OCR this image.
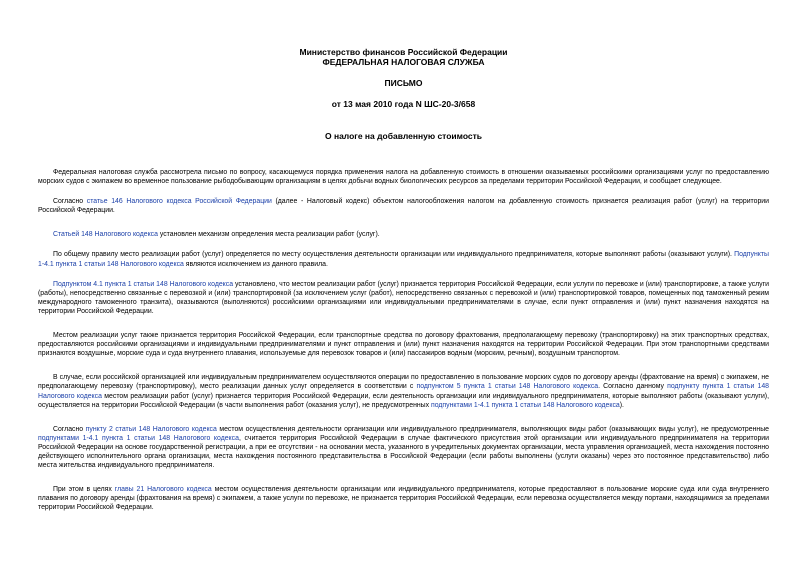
Министерство финансов Российской Федерации
ФЕДЕРАЛЬНАЯ НАЛОГОВАЯ СЛУЖБА
ПИСЬМО
от 13 мая 2010 года N ШС-20-3/658
О налоге на добавленную стоимость

Федеральная налоговая служба рассмотрела письмо по вопросу, касающемуся порядка применения налога на добавленную стоимость в отношении оказываемых российскими организациями услуг по предоставлению морских судов с экипажем во временное пользование рыбодобывающим организациям в целях добычи водных биологических ресурсов за пределами территории Российской Федерации, и сообщает следующее.

Согласно статье 146 Налогового кодекса Российской Федерации (далее - Налоговый кодекс) объектом налогообложения налогом на добавленную стоимость признается реализация работ (услуг) на территории Российской Федерации.

Статьей 148 Налогового кодекса установлен механизм определения места реализации работ (услуг).

По общему правилу место реализации работ (услуг) определяется по месту осуществления деятельности организации или индивидуального предпринимателя, которые выполняют работы (оказывают услуги). Подпункты 1-4.1 пункта 1 статьи 148 Налогового кодекса являются исключением из данного правила.

Подпунктом 4.1 пункта 1 статьи 148 Налогового кодекса установлено, что местом реализации работ (услуг) признается территория Российской Федерации, если услуги по перевозке и (или) транспортировке, а также услуги (работы), непосредственно связанные с перевозкой и (или) транспортировкой (за исключением услуг (работ), непосредственно связанных с перевозкой и (или) транспортировкой товаров, помещенных под таможенный режим международного таможенного транзита), оказываются (выполняются) российскими организациями или индивидуальными предпринимателями в случае, если пункт отправления и (или) пункт назначения находятся на территории Российской Федерации.

Местом реализации услуг также признается территория Российской Федерации, если транспортные средства по договору фрахтования, предполагающему перевозку (транспортировку) на этих транспортных средствах, предоставляются российскими организациями и индивидуальными предпринимателями и пункт отправления и (или) пункт назначения находятся на территории Российской Федерации. При этом транспортными средствами признаются воздушные, морские суда и суда внутреннего плавания, используемые для перевозок товаров и (или) пассажиров водным (морским, речным), воздушным транспортом.

В случае, если российской организацией или индивидуальным предпринимателем осуществляются операции по предоставлению в пользование морских судов по договору аренды (фрахтование на время) с экипажем, не предполагающему перевозку (транспортировку), место реализации данных услуг определяется в соответствии с подпунктом 5 пункта 1 статьи 148 Налогового кодекса. Согласно данному подпункту пункта 1 статьи 148 Налогового кодекса местом реализации работ (услуг) признается территория Российской Федерации, если деятельность организации или индивидуального предпринимателя, которые выполняют работы (оказывают услуги), осуществляется на территории Российской Федерации (в части выполнения работ (оказания услуг), не предусмотренных подпунктами 1-4.1 пункта 1 статьи 148 Налогового кодекса).

Согласно пункту 2 статьи 148 Налогового кодекса местом осуществления деятельности организации или индивидуального предпринимателя, выполняющих виды работ (оказывающих виды услуг), не предусмотренные подпунктами 1-4.1 пункта 1 статьи 148 Налогового кодекса, считается территория Российской Федерации в случае фактического присутствия этой организации или индивидуального предпринимателя на территории Российской Федерации на основе государственной регистрации, а при ее отсутствии - на основании места, указанного в учредительных документах организации, места управления организацией, места нахождения постоянно действующего исполнительного органа организации, места нахождения постоянного представительства в Российской Федерации (если работы выполнены (услуги оказаны) через это постоянное представительство) либо места жительства индивидуального предпринимателя.

При этом в целях главы 21 Налогового кодекса местом осуществления деятельности организации или индивидуального предпринимателя, которые предоставляют в пользование морские суда или суда внутреннего плавания по договору аренды (фрахтования на время) с экипажем, а также услуги по перевозке, не признается территория Российской Федерации, если перевозка осуществляется между портами, находящимися за пределами территории Российской Федерации.
